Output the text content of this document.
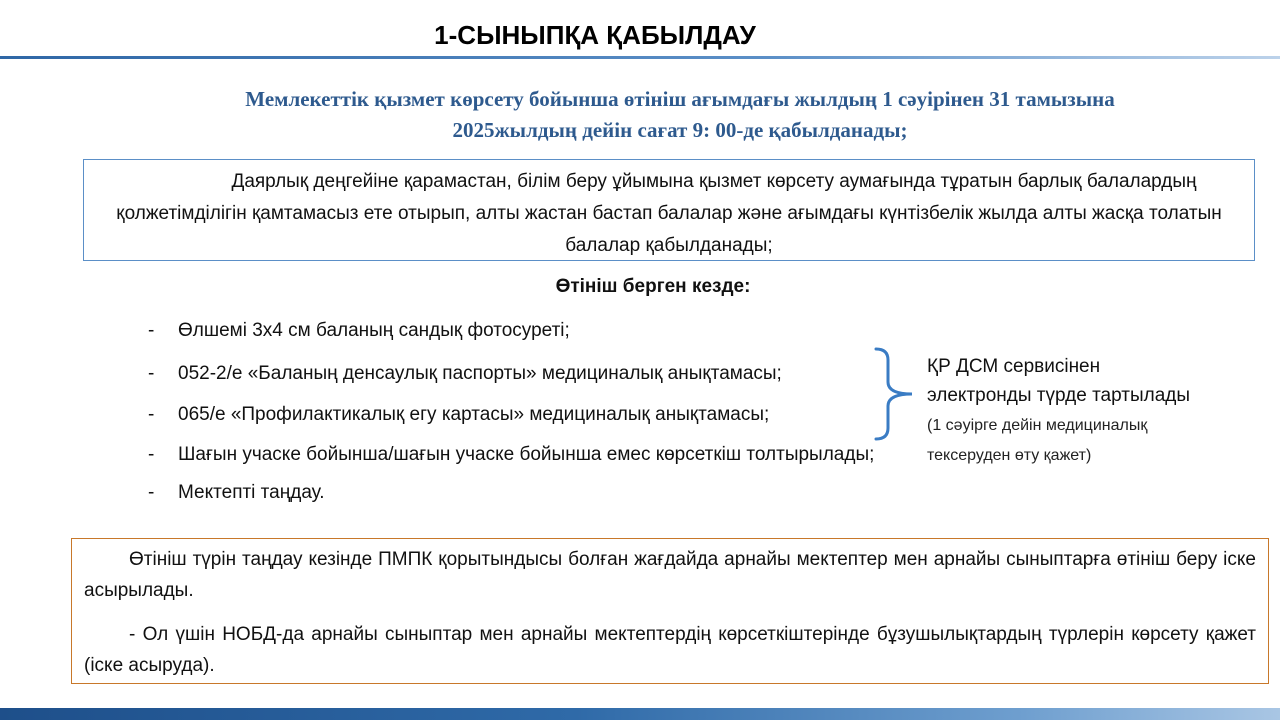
1-СЫНЫПҚА ҚАБЫЛДАУ
Мемлекеттік қызмет көрсету бойынша өтініш ағымдағы жылдың 1 сәуірінен 31 тамызына
2025жылдың дейін сағат 9: 00-де қабылданады;

Даярлық деңгейіне қарамастан, білім беру ұйымына қызмет көрсету аумағында тұратын барлық балалардың қолжетімділігін қамтамасыз ете отырып, алты жастан бастап балалар және ағымдағы күнтізбелік жылда алты жасқа толатын балалар қабылданады;

Өтініш берген кезде:
- Өлшемі 3х4 см баланың сандық фотосуреті;
- 052-2/е «Баланың денсаулық паспорты» медициналық анықтамасы;
- 065/е «Профилактикалық егу картасы» медициналық анықтамасы;
- Шағын учаске бойынша/шағын учаске бойынша емес көрсеткіш толтырылады;
- Мектепті таңдау.
ҚР ДСМ сервисінен электронды түрде тартылады (1 сәуірге дейін медициналық тексеруден өту қажет)

Өтініш түрін таңдау кезінде ПМПК қорытындысы болған жағдайда арнайы мектептер мен арнайы сыныптарға өтініш беру іске асырылады.

- Ол үшін НОБД-да арнайы сыныптар мен арнайы мектептердің көрсеткіштерінде бұзушылықтардың түрлерін көрсету қажет (іске асыруда).
